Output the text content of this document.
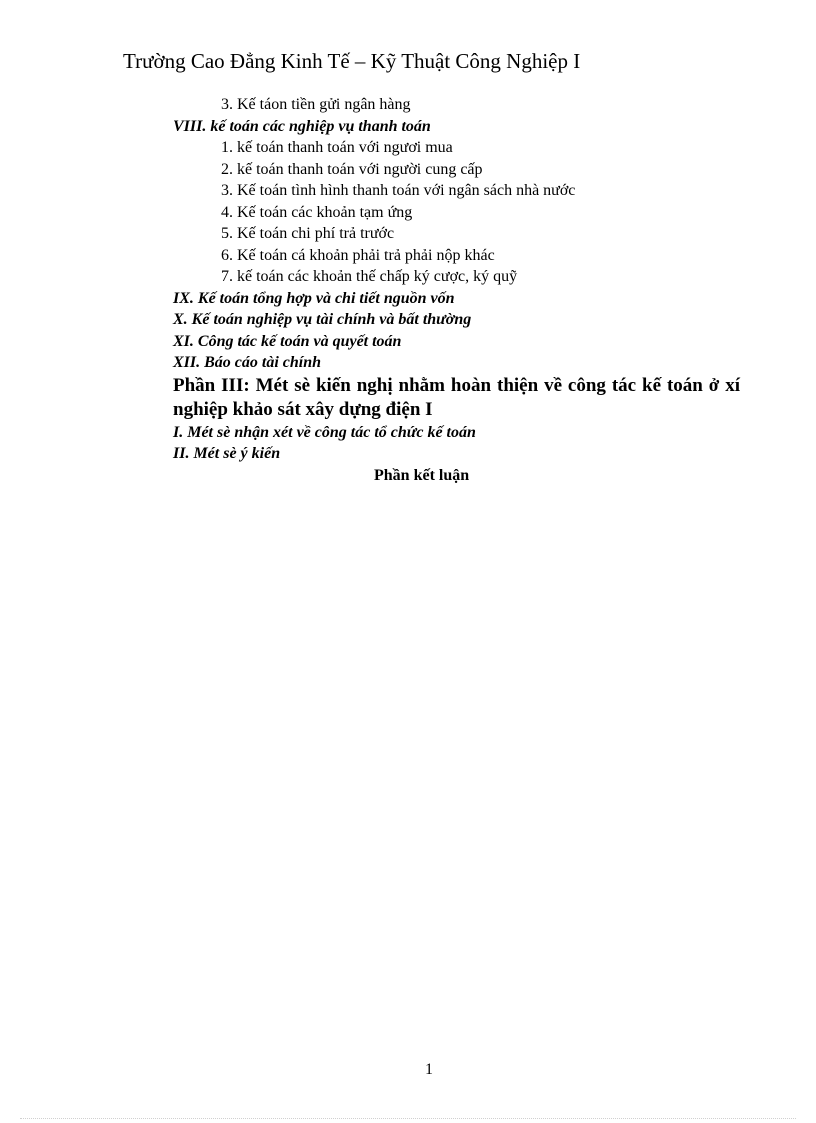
Trường Cao Đẳng Kinh Tế – Kỹ Thuật Công Nghiệp I
3. Kế táon tiền gửi ngân hàng
VIII. kế toán các nghiệp vụ thanh toán
1. kế toán thanh toán với ngươi mua
2. kế toán thanh toán với người cung cấp
3. Kế toán tình hình thanh toán với ngân sách nhà nước
4. Kế toán các khoản tạm ứng
5. Kế toán chi phí trả trước
6. Kế toán cá khoản phải trả phải nộp khác
7. kế toán các khoản thế chấp ký cược, ký quỹ
IX. Kế toán tổng hợp và chi tiết nguồn vốn
X. Kế toán nghiệp vụ tài chính và bất thường
XI. Công tác kế toán và quyết toán
XII. Báo cáo tài chính
Phần III: Mét sè kiến nghị nhằm hoàn thiện về công tác kế toán ở xí nghiệp khảo sát xây dựng điện I
I. Mét sè nhận xét về công tác tổ chức kế toán
II. Mét sè ý kiến
Phần kết luận
1
